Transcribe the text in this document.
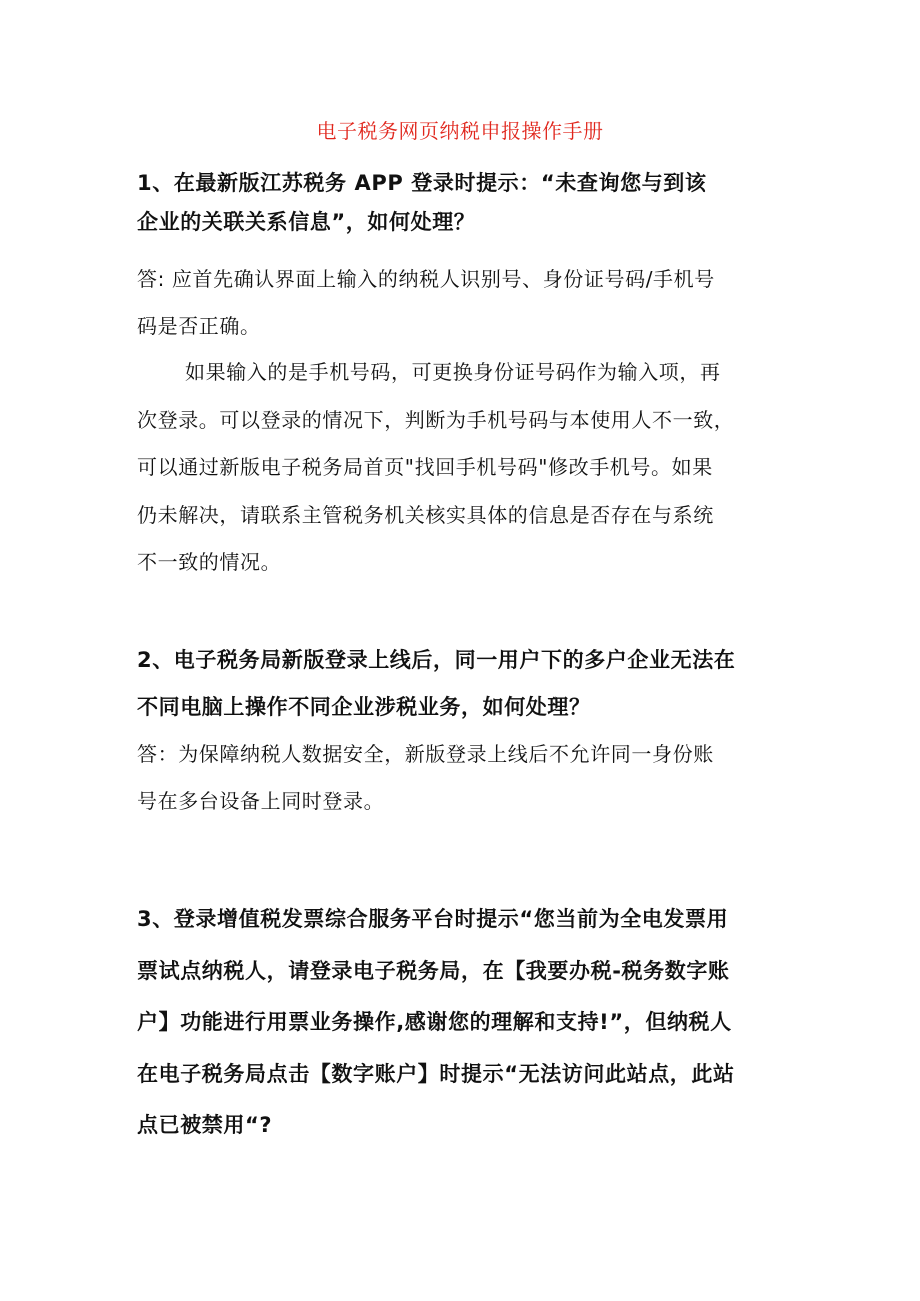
电子税务网页纳税申报操作手册
1、在最新版江苏税务 APP 登录时提示：“未查询您与到该
企业的关联关系信息”，如何处理？
答: 应首先确认界面上输入的纳税人识别号、身份证号码/手机号
码是否正确。
如果输入的是手机号码，可更换身份证号码作为输入项，再
次登录。可以登录的情况下，判断为手机号码与本使用人不一致，
可以通过新版电子税务局首页"找回手机号码"修改手机号。如果
仍未解决，请联系主管税务机关核实具体的信息是否存在与系统
不一致的情况。
2、电子税务局新版登录上线后，同一用户下的多户企业无法在
不同电脑上操作不同企业涉税业务，如何处理？
答：为保障纳税人数据安全，新版登录上线后不允许同一身份账
号在多台设备上同时登录。
3、登录增值税发票综合服务平台时提示“您当前为全电发票用
票试点纳税人，请登录电子税务局，在【我要办税-税务数字账
户】功能进行用票业务操作,感谢您的理解和支持!”，但纳税人
在电子税务局点击【数字账户】时提示“无法访问此站点，此站
点已被禁用“?
